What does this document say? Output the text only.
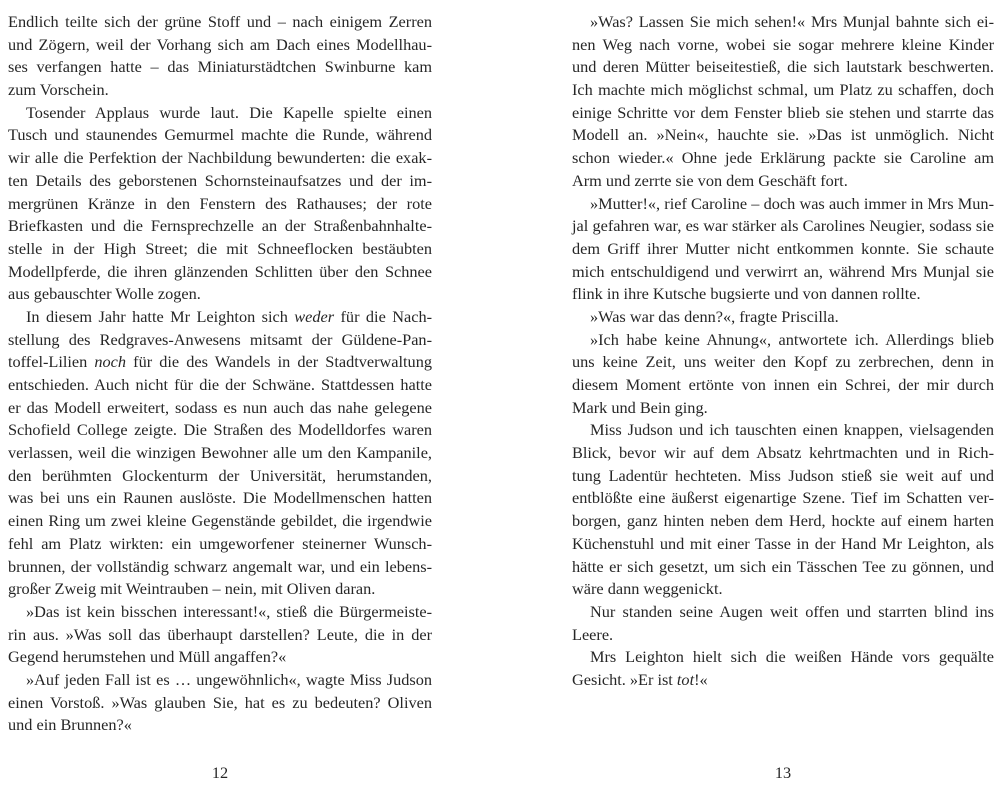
Endlich teilte sich der grüne Stoff und – nach einigem Zerren
und Zögern, weil der Vorhang sich am Dach eines Modellhau-
ses verfangen hatte – das Miniaturstädtchen Swinburne kam
zum Vorschein.
Tosender Applaus wurde laut. Die Kapelle spielte einen
Tusch und staunendes Gemurmel machte die Runde, während
wir alle die Perfektion der Nachbildung bewunderten: die exak-
ten Details des geborstenen Schornsteinaufsatzes und der im-
mergrünen Kränze in den Fenstern des Rathauses; der rote
Briefkasten und die Fernsprechzelle an der Straßenbahnhalte-
stelle in der High Street; die mit Schneeflocken bestäubten
Modellpferde, die ihren glänzenden Schlitten über den Schnee
aus gebauschter Wolle zogen.
In diesem Jahr hatte Mr Leighton sich weder für die Nach-
stellung des Redgraves-Anwesens mitsamt der Güldene-Pan-
toffel-Lilien noch für die des Wandels in der Stadtverwaltung
entschieden. Auch nicht für die der Schwäne. Stattdessen hatte
er das Modell erweitert, sodass es nun auch das nahe gelegene
Schofield College zeigte. Die Straßen des Modelldorfes waren
verlassen, weil die winzigen Bewohner alle um den Kampanile,
den berühmten Glockenturm der Universität, herumstanden,
was bei uns ein Raunen auslöste. Die Modellmenschen hatten
einen Ring um zwei kleine Gegenstände gebildet, die irgendwie
fehl am Platz wirkten: ein umgeworfener steinerner Wunsch-
brunnen, der vollständig schwarz angemalt war, und ein lebens-
großer Zweig mit Weintrauben – nein, mit Oliven daran.
»Das ist kein bisschen interessant!«, stieß die Bürgermeiste-
rin aus. »Was soll das überhaupt darstellen? Leute, die in der
Gegend herumstehen und Müll angaffen?«
»Auf jeden Fall ist es … ungewöhnlich«, wagte Miss Judson
einen Vorstoß. »Was glauben Sie, hat es zu bedeuten? Oliven
und ein Brunnen?«
12
»Was? Lassen Sie mich sehen!« Mrs Munjal bahnte sich ei-
nen Weg nach vorne, wobei sie sogar mehrere kleine Kinder
und deren Mütter beiseitestieß, die sich lautstark beschwerten.
Ich machte mich möglichst schmal, um Platz zu schaffen, doch
einige Schritte vor dem Fenster blieb sie stehen und starrte das
Modell an. »Nein«, hauchte sie. »Das ist unmöglich. Nicht
schon wieder.« Ohne jede Erklärung packte sie Caroline am
Arm und zerrte sie von dem Geschäft fort.
»Mutter!«, rief Caroline – doch was auch immer in Mrs Mun-
jal gefahren war, es war stärker als Carolines Neugier, sodass sie
dem Griff ihrer Mutter nicht entkommen konnte. Sie schaute
mich entschuldigend und verwirrt an, während Mrs Munjal sie
flink in ihre Kutsche bugsierte und von dannen rollte.
»Was war das denn?«, fragte Priscilla.
»Ich habe keine Ahnung«, antwortete ich. Allerdings blieb
uns keine Zeit, uns weiter den Kopf zu zerbrechen, denn in
diesem Moment ertönte von innen ein Schrei, der mir durch
Mark und Bein ging.
Miss Judson und ich tauschten einen knappen, vielsagenden
Blick, bevor wir auf dem Absatz kehrtmachten und in Rich-
tung Ladentür hechteten. Miss Judson stieß sie weit auf und
entblößte eine äußerst eigenartige Szene. Tief im Schatten ver-
borgen, ganz hinten neben dem Herd, hockte auf einem harten
Küchenstuhl und mit einer Tasse in der Hand Mr Leighton, als
hätte er sich gesetzt, um sich ein Tässchen Tee zu gönnen, und
wäre dann weggenickt.
Nur standen seine Augen weit offen und starrten blind ins
Leere.
Mrs Leighton hielt sich die weißen Hände vors gequälte
Gesicht. »Er ist tot!«
13
